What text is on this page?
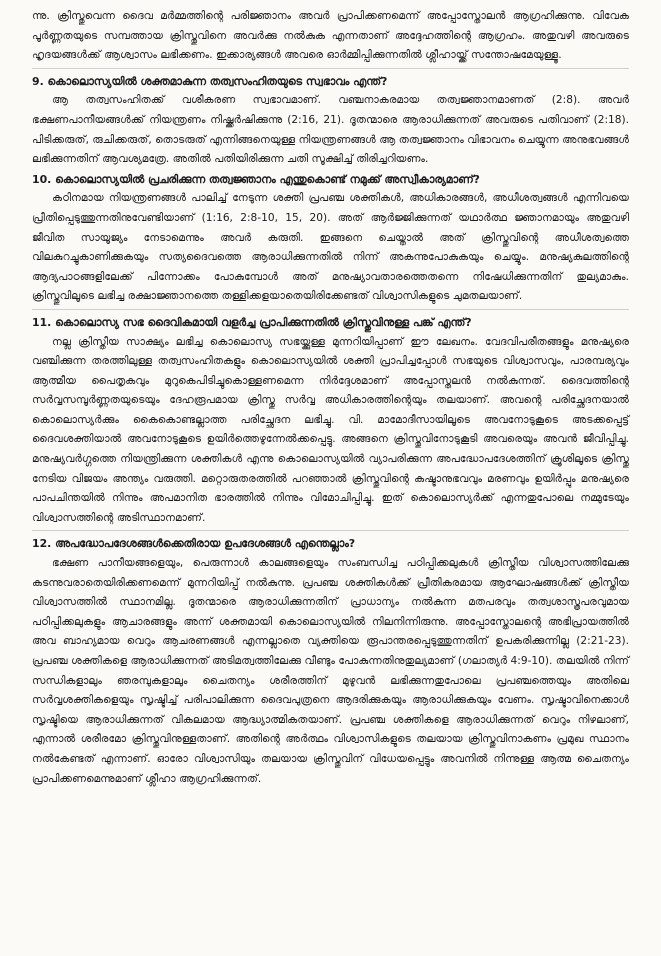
ന്നു. ക്രിസ്തുവെന്ന ദൈവ മർമ്മത്തിന്റെ പരിജ്ഞാനം അവർ പ്രാപിക്കണമെന്ന് അപ്പോസ്തോലൻ ആഗ്രഹിക്കുന്നു. വിവേക പൂർണ്ണതയുടെ സമ്പത്തായ ക്രിസ്തുവിനെ അവർക്കു നൽകുക എന്നതാണ് അദ്ദേഹത്തിന്റെ ആഗ്രഹം. അതുവഴി അവരുടെ ഹൃദയങ്ങൾക്ക് ആശ്വാസം ലഭിക്കണം. ഇക്കാര്യങ്ങൾ അവരെ ഓർമ്മിപ്പിക്കുന്നതിൽ ശ്ലീഹായ്ക്ക് സന്തോഷമേയുള്ളൂ.

9. കൊലൊസ്യയിൽ ശക്തമാകുന്ന തത്വസംഹിതയുടെ സ്വഭാവം എന്ത്?

ആ തത്വസംഹിതക്ക് വശീകരണ സ്വഭാവമാണ്. വഞ്ചനാകരമായ തത്വജ്ഞാനമാണത് (2:8). അവർ ഭക്ഷണപാനീയങ്ങൾക്ക് നിയന്ത്രണം നിഷ്ക്കർഷിക്കുന്നു (2:16, 21). ദൂതന്മാരെ ആരാധിക്കുന്നത് അവരുടെ പതിവാണ് (2:18). പിടിക്കരുത്, രുചിക്കരുത്, തൊടരുത് എന്നിങ്ങനെയുള്ള നിയന്ത്രണങ്ങൾ ആ തത്വജ്ഞാനം വിഭാവനം ചെയ്യുന്ന അനുഭവങ്ങൾ ലഭിക്കുന്നതിന് ആവശ്യമത്രേ. അതിൽ പതിയിരിക്കുന്ന ചതി സൂക്ഷിച്ച് തിരിച്ചറിയണം.

10. കൊലൊസ്യയിൽ പ്രചരിക്കുന്ന തത്വജ്ഞാനം എന്തുകൊണ്ട് നമുക്ക് അസ്വീകാര്യമാണ്?

കഠിനമായ നിയന്ത്രണങ്ങൾ പാലിച്ച് നേടുന്ന ശക്തി പ്രപഞ്ച ശക്തികൾ, അധികാരങ്ങൾ, അധീശത്വങ്ങൾ എന്നിവയെ പ്രീതിപ്പെടുത്തുന്നതിനുവേണ്ടിയാണ് (1:16, 2:8-10, 15, 20). അത് ആർജ്ജിക്കുന്നത് യഥാർത്ഥ ജ്ഞാനമായും അതുവഴി ജീവിത സായൂജ്യം നേടാമെന്നും അവർ കരുതി. ഇങ്ങനെ ചെയ്താൽ അത് ക്രിസ്തുവിന്റെ അധീശത്വത്തെ വിലകുറച്ചുകാണിക്കുകയും സത്യദൈവത്തെ ആരാധിക്കുന്നതിൽ നിന്ന് അകന്നുപോകുകയും ചെയ്യും. മനുഷ്യകുലത്തിന്റെ ആദ്യപാഠങ്ങളിലേക്ക് പിന്നോക്കം പോകുമ്പോൾ അത് മനുഷ്യാവതാരത്തെതന്നെ നിഷേധിക്കുന്നതിന് തുല്യമാകും. ക്രിസ്തുവിലൂടെ ലഭിച്ച രക്ഷാജ്ഞാനത്തെ തള്ളിക്കളയാതെയിരിക്കേണ്ടത് വിശ്വാസികളുടെ ചുമതലയാണ്.

11. കൊലൊസ്യ സഭ ദൈവികമായി വളർച്ച പ്രാപിക്കുന്നതിൽ ക്രിസ്തുവിനുള്ള പങ്ക് എന്ത്?

നല്ല ക്രിസ്തീയ സാക്ഷ്യം ലഭിച്ച കൊലൊസ്യ സഭയ്ക്കുള്ള മുന്നറിയിപ്പാണ് ഈ ലേഖനം. വേദവിപരീതങ്ങളും മനുഷ്യരെ വഞ്ചിക്കുന്ന തരത്തിലുള്ള തത്വസംഹിതകളും കൊലൊസ്യയിൽ ശക്തി പ്രാപിച്ചപ്പോൾ സഭയുടെ വിശ്വാസവും, പാരമ്പര്യവും ആത്മീയ പൈതൃകവും മുറുകെപിടിച്ചുകൊള്ളണമെന്ന നിർദ്ദേശമാണ് അപ്പോസ്തലൻ നൽകുന്നത്. ദൈവത്തിന്റെ സർവ്വസമ്പൂർണ്ണതയുടെയും ദേഹരൂപമായ ക്രിസ്തു സർവ്വ അധികാരത്തിന്റെയും തലയാണ്. അവന്റെ പരിച്ഛേദനയാൽ കൊലൊസ്യർക്കും കൈകൊണ്ടല്ലാത്ത പരിച്ഛേദന ലഭിച്ചു. വി. മാമോദീസായിലൂടെ അവനോടുകൂടെ അടക്കപ്പെട്ട് ദൈവശക്തിയാൽ അവനോടുകൂടെ ഉയിർത്തെഴുന്നേൽക്കപ്പെട്ടു. അങ്ങനെ ക്രിസ്തുവിനോടുകൂടി അവരെയും അവൻ ജീവിപ്പിച്ചു. മനുഷ്യവർഗ്ഗത്തെ നിയന്ത്രിക്കുന്ന ശക്തികൾ എന്നു കൊലൊസ്യയിൽ വ്യാപരിക്കുന്ന അപദ്ധോപദേശത്തിന് ക്രൂശിലൂടെ ക്രിസ്തു നേടിയ വിജയം അന്ത്യം വരുത്തി. മറ്റൊരുതരത്തിൽ പറഞ്ഞാൽ ക്രിസ്തുവിന്റെ കഷ്ടാനുഭവവും മരണവും ഉയിർപ്പും മനുഷ്യരെ പാപചിന്തയിൽ നിന്നും അപമാനിത ഭാരത്തിൽ നിന്നും വിമോചിപ്പിച്ചു. ഇത് കൊലൊസ്യർക്ക് എന്നതുപോലെ നമ്മുടേയും വിശ്വാസത്തിന്റെ അടിസ്ഥാനമാണ്.

12. അപദ്ധോപദേശങ്ങൾക്കെതിരായ ഉപദേശങ്ങൾ എന്തെല്ലാം?

ഭക്ഷണ പാനീയങ്ങളെയും, പെരുന്നാൾ കാലങ്ങളെയും സംബന്ധിച്ച പഠിപ്പിക്കലുകൾ ക്രിസ്തീയ വിശ്വാസത്തിലേക്കു കടന്നുവരാതെയിരിക്കണമെന്ന് മുന്നറിയിപ്പ് നൽകുന്നു. പ്രപഞ്ച ശക്തികൾക്ക് പ്രീതികരമായ ആഘോഷങ്ങൾക്ക് ക്രിസ്തീയ വിശ്വാസത്തിൽ സ്ഥാനമില്ല. ദൂതന്മാരെ ആരാധിക്കുന്നതിന് പ്രാധാന്യം നൽകുന്ന മതപരവും തത്വശാസ്ത്രപരവുമായ പഠിപ്പിക്കലുകളും ആചാരങ്ങളും അന്ന് ശക്തമായി കൊലൊസ്യയിൽ നിലനിന്നിരുന്നു. അപ്പോസ്തോലന്റെ അഭിപ്രായത്തിൽ അവ ബാഹ്യമായ വെറും ആചരണങ്ങൾ എന്നല്ലാതെ വ്യക്തിയെ രൂപാന്തരപ്പെടുത്തുന്നതിന് ഉപകരിക്കുന്നില്ല (2:21-23). പ്രപഞ്ച ശക്തികളെ ആരാധിക്കുന്നത് അടിമത്വത്തിലേക്കു വീണ്ടും പോകുന്നതിനുതുല്യമാണ് (ഗലാത്യർ 4:9-10). തലയിൽ നിന്ന് സന്ധികളാലും ഞരമ്പുകളാലും ചൈതന്യം ശരീരത്തിന് മുഴുവൻ ലഭിക്കുന്നതുപോലെ പ്രപഞ്ചത്തെയും അതിലെ സർവ്വശക്തികളെയും സൃഷ്ടിച്ച് പരിപാലിക്കുന്ന ദൈവപുത്രനെ ആദരിക്കുകയും ആരാധിക്കുകയും വേണം. സൃഷ്ടാവിനെക്കാൾ സൃഷ്ടിയെ ആരാധിക്കുന്നത് വികലമായ ആദ്ധ്യാത്മികതയാണ്. പ്രപഞ്ച ശക്തികളെ ആരാധിക്കുന്നത് വെറും നിഴലാണ്, എന്നാൽ ശരീരമോ ക്രിസ്തുവിനുള്ളതാണ്. അതിന്റെ അർത്ഥം വിശ്വാസികളുടെ തലയായ ക്രിസ്തുവിനാകണം പ്രമുഖ സ്ഥാനം നൽകേണ്ടത് എന്നാണ്. ഓരോ വിശ്വാസിയും തലയായ ക്രിസ്തുവിന് വിധേയപ്പെട്ടും അവനിൽ നിന്നുള്ള ആത്മ ചൈതന്യം പ്രാപിക്കണമെന്നുമാണ് ശ്ലീഹാ ആഗ്രഹിക്കുന്നത്.
